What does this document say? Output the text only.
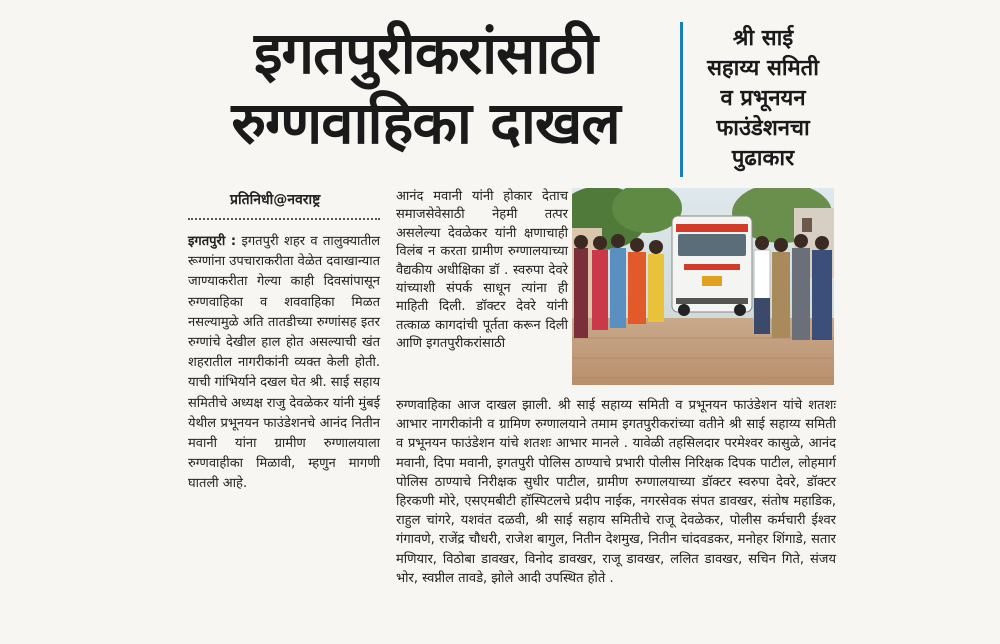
इगतपुरीकरांसाठी
रुग्णवाहिका दाखल
श्री साई
सहाय्य समिती
व प्रभूनयन
फाउंडेशनचा
पुढाकार
प्रतिनिधी@नवराष्ट्र
इगतपुरी : इगतपुरी शहर व तालुक्यातील रूग्णांना उपचाराकरीता वेळेत दवाखान्यात जाण्याकरीता गेल्या काही दिवसांपासून रुग्णवाहिका व शववाहिका मिळत नसल्यामुळे अति तातडीच्या रुग्णांसह इतर रुग्णांचे देखील हाल होत असल्याची खंत शहरातील नागरीकांनी व्यक्त केली होती. याची गांभिर्याने दखल घेत श्री. साई सहाय समितीचे अध्यक्ष राजु देवळेकर यांनी मुंबई येथील प्रभूनयन फाउंडेशनचे आनंद नितीन मवानी यांना ग्रामीण रुग्णालयाला रुग्णवाहीका मिळावी, म्हणुन मागणी घातली आहे.
आनंद मवानी यांनी होकार देताच समाजसेवेसाठी नेहमी तत्पर असलेल्या देवळेकर यांनी क्षणाचाही विलंब न करता ग्रामीण रुग्णालयाच्या वैद्यकीय अधीक्षिका डॉ . स्वरुपा देवरे यांच्याशी संपर्क साधून त्यांना ही माहिती दिली. डॉक्टर देवरे यांनी तत्काळ कागदांची पूर्तता करून दिली आणि इगतपुरीकरांसाठी
रुग्णवाहिका आज दाखल झाली. श्री साई सहाय्य समिती व प्रभूनयन फाउंडेशन यांचे शतशः आभार नागरीकांनी व ग्रामिण रुग्णालयाने तमाम इगतपुरीकरांच्या वतीने श्री साई सहाय्य समिती व प्रभूनयन फाउंडेशन यांचे शतशः आभार मानले . यावेळी तहसिलदार परमेश्वर कासुळे, आनंद मवानी, दिपा मवानी, इगतपुरी पोलिस ठाण्याचे प्रभारी पोलीस निरिक्षक दिपक पाटील, लोहमार्ग पोलिस ठाण्याचे निरीक्षक सुधीर पाटील, ग्रामीण रुग्णालयाच्या डॉक्टर स्वरुपा देवरे, डॉक्टर हिरकणी मोरे, एसएमबीटी हॉस्पिटलचे प्रदीप नाईक, नगरसेवक संपत डावखर, संतोष महाडिक, राहुल चांगरे, यशवंत दळवी, श्री साई सहाय समितीचे राजू देवळेकर, पोलीस कर्मचारी ईश्वर गंगावणे, राजेंद्र चौधरी, राजेश बागुल, नितीन देशमुख, नितीन चांदवडकर, मनोहर शिंगाडे, सतार मणियार, विठोबा डावखर, विनोद डावखर, राजू डावखर, ललित डावखर, सचिन गिते, संजय भोर, स्वप्नील तावडे, झोले आदी उपस्थित होते .
